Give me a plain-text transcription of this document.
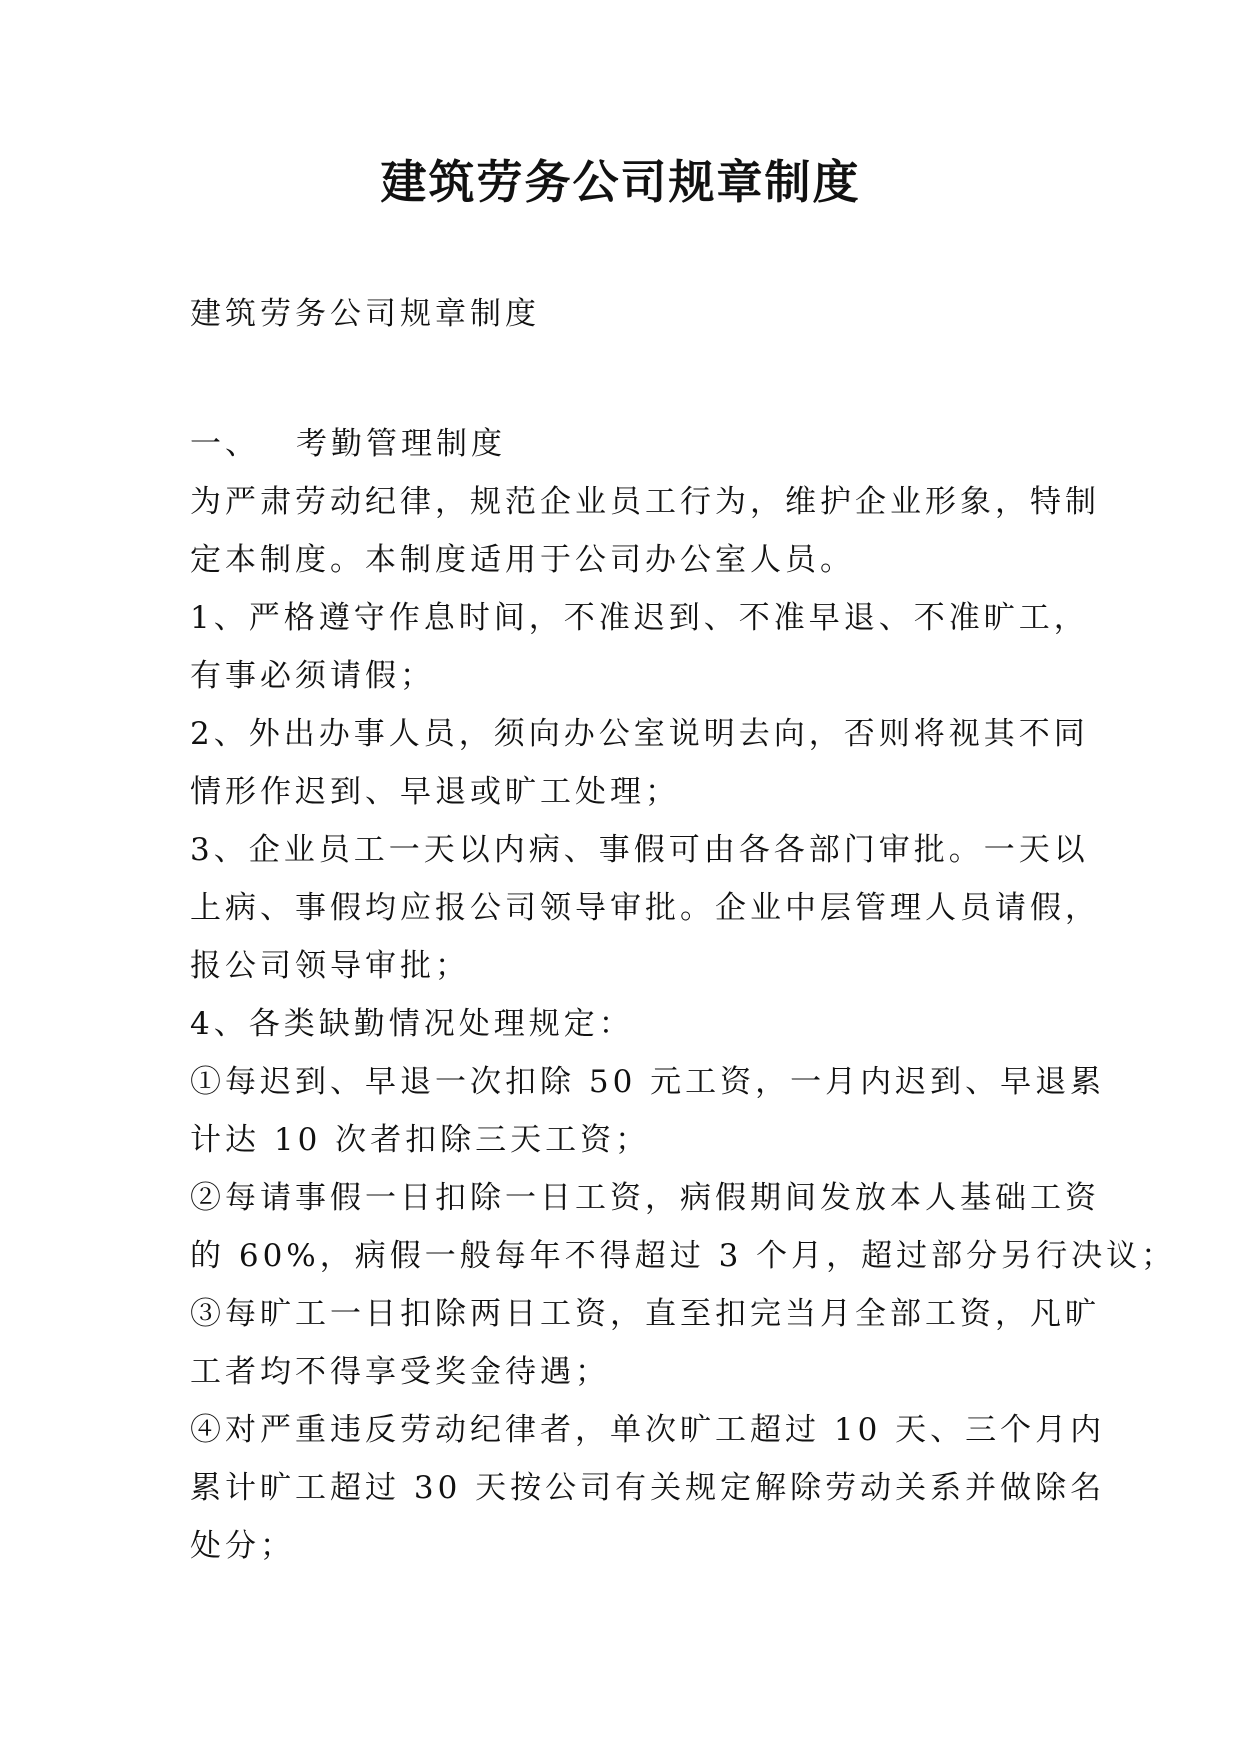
建筑劳务公司规章制度
建筑劳务公司规章制度
一、 考勤管理制度
为严肃劳动纪律，规范企业员工行为，维护企业形象，特制
定本制度。本制度适用于公司办公室人员。
1、严格遵守作息时间，不准迟到、不准早退、不准旷工，
有事必须请假；
2、外出办事人员，须向办公室说明去向，否则将视其不同
情形作迟到、早退或旷工处理；
3、企业员工一天以内病、事假可由各各部门审批。一天以
上病、事假均应报公司领导审批。企业中层管理人员请假，
报公司领导审批；
4、各类缺勤情况处理规定：
①每迟到、早退一次扣除 50 元工资，一月内迟到、早退累
计达 10 次者扣除三天工资；
②每请事假一日扣除一日工资，病假期间发放本人基础工资
的 60%，病假一般每年不得超过 3 个月，超过部分另行决议；
③每旷工一日扣除两日工资，直至扣完当月全部工资，凡旷
工者均不得享受奖金待遇；
④对严重违反劳动纪律者，单次旷工超过 10 天、三个月内
累计旷工超过 30 天按公司有关规定解除劳动关系并做除名
处分；
